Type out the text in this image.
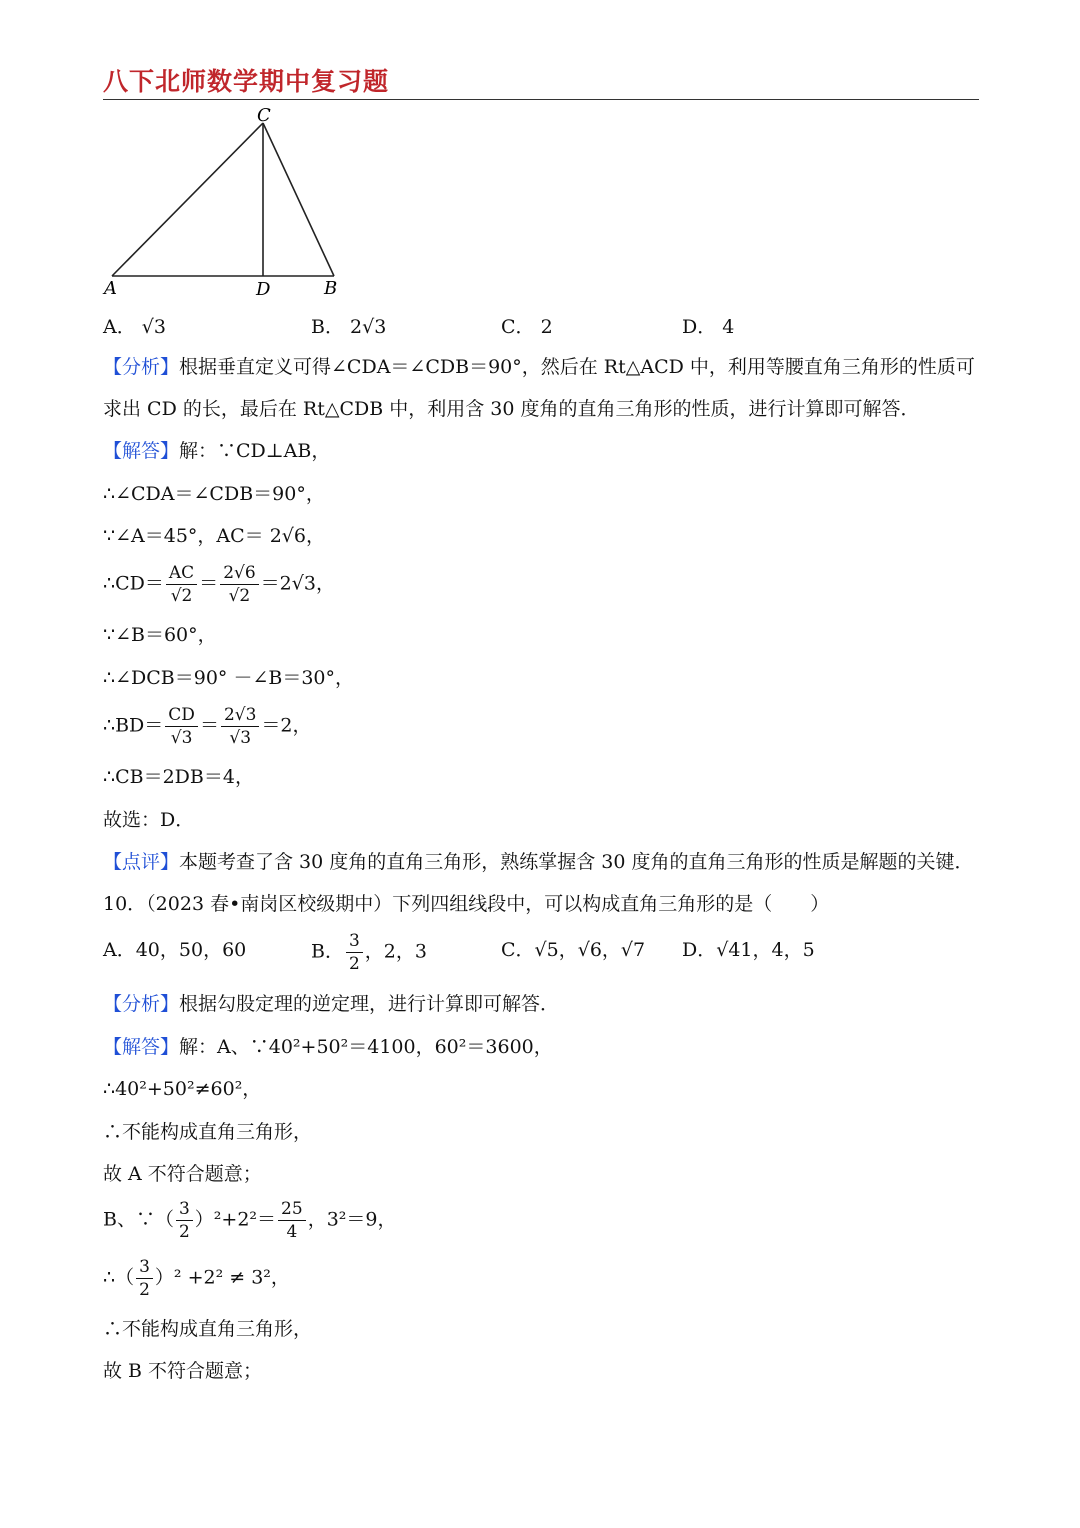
八下北师数学期中复习题
C
A	D	B
A． √3	B． 2√3	C． 2	D． 4
【分析】根据垂直定义可得∠CDA＝∠CDB＝90°，然后在 Rt△ACD 中，利用等腰直角三角形的性质可
求出 CD 的长，最后在 Rt△CDB 中，利用含 30 度角的直角三角形的性质，进行计算即可解答．
【解答】解：∵CD⊥AB，
∴∠CDA＝∠CDB＝90°，
∵∠A＝45°，AC＝ 2√6，
∴CD＝ $\frac{AC}{√2} = \frac{2√6}{√2} =2√3$，
∵∠B＝60°，
∴∠DCB＝90° －∠B＝30°，
∴BD＝ $\frac{CD}{√3} = \frac{2√3}{√3} =2$，
∴CB＝2DB＝4，
故选：D．
【点评】本题考查了含 30 度角的直角三角形，熟练掌握含 30 度角的直角三角形的性质是解题的关键．
10．（2023 春•南岗区校级期中）下列四组线段中，可以构成直角三角形的是（　　）
A．40，50，60	B． $\frac{3}{2}$ ，2，3	C．√5，√6，√7 D．√41，4，5
【分析】根据勾股定理的逆定理，进行计算即可解答．
【解答】解：A、∵40²+50²＝4100，60²＝3600，
∴40²+50²≠60²，
∴不能构成直角三角形，
故 A 不符合题意；
B、∵（ $\frac{3}{2} )^2+2^2= \frac{25}{4}$ ，3²＝9，
∴（ $\frac{3}{2} )^2 +2^2 \ne 3^2$，
∴不能构成直角三角形，
故 B 不符合题意；
